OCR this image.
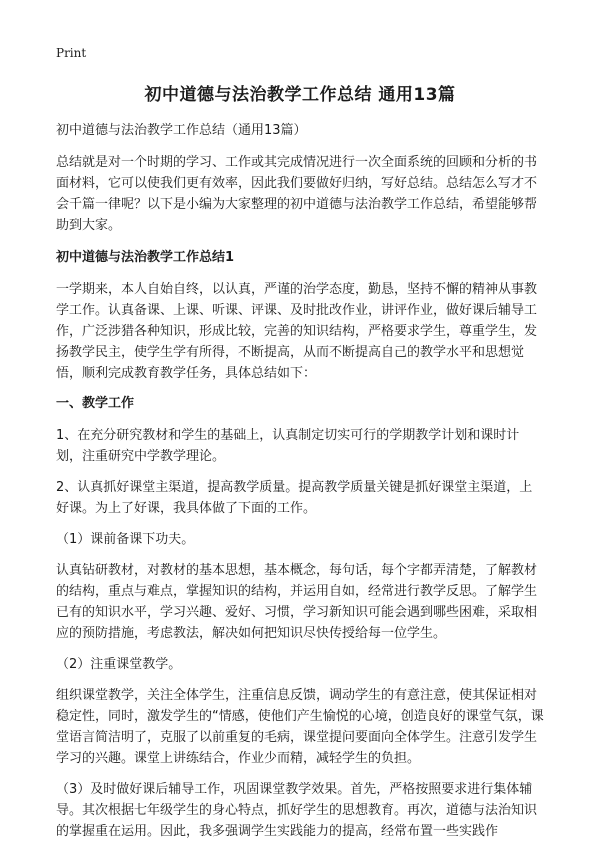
Print
初中道德与法治教学工作总结 通用13篇
初中道德与法治教学工作总结（通用13篇）

总结就是对一个时期的学习、工作或其完成情况进行一次全面系统的回顾和分析的书面材料，它可以使我们更有效率，因此我们要做好归纳，写好总结。总结怎么写才不会千篇一律呢？以下是小编为大家整理的初中道德与法治教学工作总结，希望能够帮助到大家。

初中道德与法治教学工作总结1

一学期来，本人自始自终，以认真，严谨的治学态度，勤恳，坚持不懈的精神从事教学工作。认真备课、上课、听课、评课、及时批改作业，讲评作业，做好课后辅导工作，广泛涉猎各种知识，形成比较，完善的知识结构，严格要求学生，尊重学生，发扬教学民主，使学生学有所得，不断提高，从而不断提高自己的教学水平和思想觉悟，顺利完成教育教学任务，具体总结如下：

一、教学工作

1、在充分研究教材和学生的基础上，认真制定切实可行的学期教学计划和课时计划，注重研究中学教学理论。

2、认真抓好课堂主渠道，提高教学质量。提高教学质量关键是抓好课堂主渠道，上好课。为上了好课，我具体做了下面的工作。

（1）课前备课下功夫。

认真钻研教材，对教材的基本思想，基本概念，每句话，每个字都弄清楚，了解教材的结构，重点与难点，掌握知识的结构，并运用自如，经常进行教学反思。了解学生已有的知识水平，学习兴趣、爱好、习惯，学习新知识可能会遇到哪些困难，采取相应的预防措施，考虑教法，解决如何把知识尽快传授给每一位学生。

（2）注重课堂教学。

组织课堂教学，关注全体学生，注重信息反馈，调动学生的有意注意，使其保证相对稳定性，同时，激发学生的“情感，使他们产生愉悦的心境，创造良好的课堂气氛，课堂语言简洁明了，克服了以前重复的毛病，课堂提问要面向全体学生。注意引发学生学习的兴趣。课堂上讲练结合，作业少而精，减轻学生的负担。

（3）及时做好课后辅导工作，巩固课堂教学效果。首先，严格按照要求进行集体辅导。其次根据七年级学生的身心特点，抓好学生的思想教育。再次，道德与法治知识的掌握重在运用。因此，我多强调学生实践能力的提高，经常布置一些实践作
